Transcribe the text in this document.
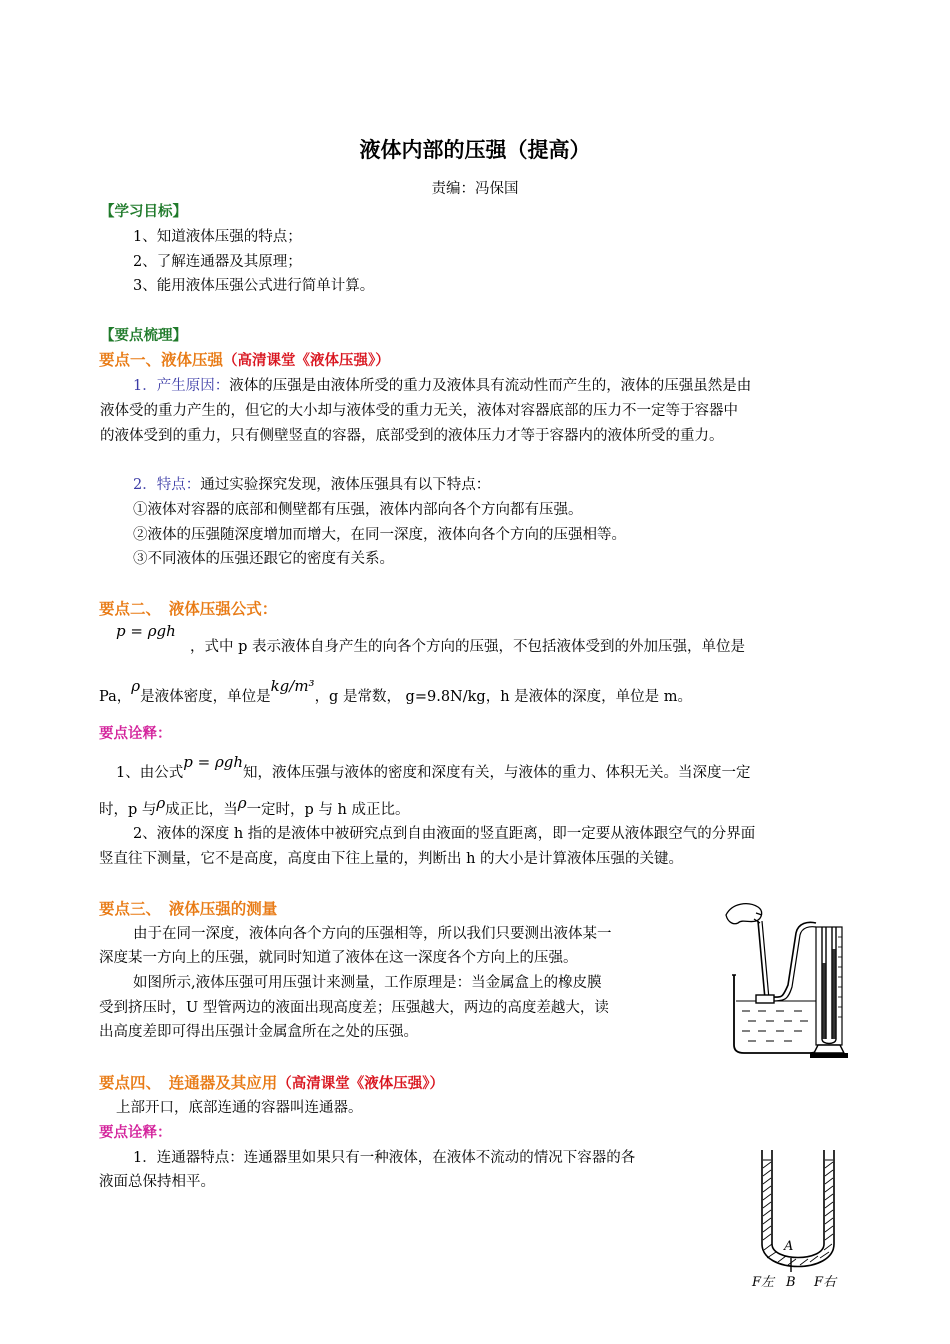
液体内部的压强（提高）
责编：冯保国
【学习目标】
1、知道液体压强的特点；
2、了解连通器及其原理；
3、能用液体压强公式进行简单计算。
【要点梳理】
要点一、液体压强（高清课堂《液体压强》）
1．产生原因：液体的压强是由液体所受的重力及液体具有流动性而产生的，液体的压强虽然是由
液体受的重力产生的，但它的大小却与液体受的重力无关，液体对容器底部的压力不一定等于容器中
的液体受到的重力，只有侧壁竖直的容器，底部受到的液体压力才等于容器内的液体所受的重力。
2．特点：通过实验探究发现，液体压强具有以下特点：
①液体对容器的底部和侧壁都有压强，液体内部向各个方向都有压强。
②液体的压强随深度增加而增大，在同一深度，液体向各个方向的压强相等。
③不同液体的压强还跟它的密度有关系。
要点二、　液体压强公式：
p = ρgh
，式中 p 表示液体自身产生的向各个方向的压强，不包括液体受到的外加压强，单位是
Pa，ρ是液体密度，单位是kg/m³，g 是常数， g=9.8N/kg，h 是液体的深度，单位是 m。
要点诠释：
1、由公式p = ρgh知，液体压强与液体的密度和深度有关，与液体的重力、体积无关。当深度一定
时，p 与ρ成正比，当ρ一定时，p 与 h 成正比。
2、液体的深度 h 指的是液体中被研究点到自由液面的竖直距离，即一定要从液体跟空气的分界面
竖直往下测量，它不是高度，高度由下往上量的，判断出 h 的大小是计算液体压强的关键。
要点三、　液体压强的测量
由于在同一深度，液体向各个方向的压强相等，所以我们只要测出液体某一
深度某一方向上的压强，就同时知道了液体在这一深度各个方向上的压强。
如图所示,液体压强可用压强计来测量，工作原理是：当金属盒上的橡皮膜
受到挤压时，U 型管两边的液面出现高度差；压强越大，两边的高度差越大，读
出高度差即可得出压强计金属盒所在之处的压强。
要点四、　连通器及其应用（高清课堂《液体压强》）
上部开口，底部连通的容器叫连通器。
要点诠释：
1．连通器特点：连通器里如果只有一种液体，在液体不流动的情况下容器的各
液面总保持相平。
A
B
F左	F右
